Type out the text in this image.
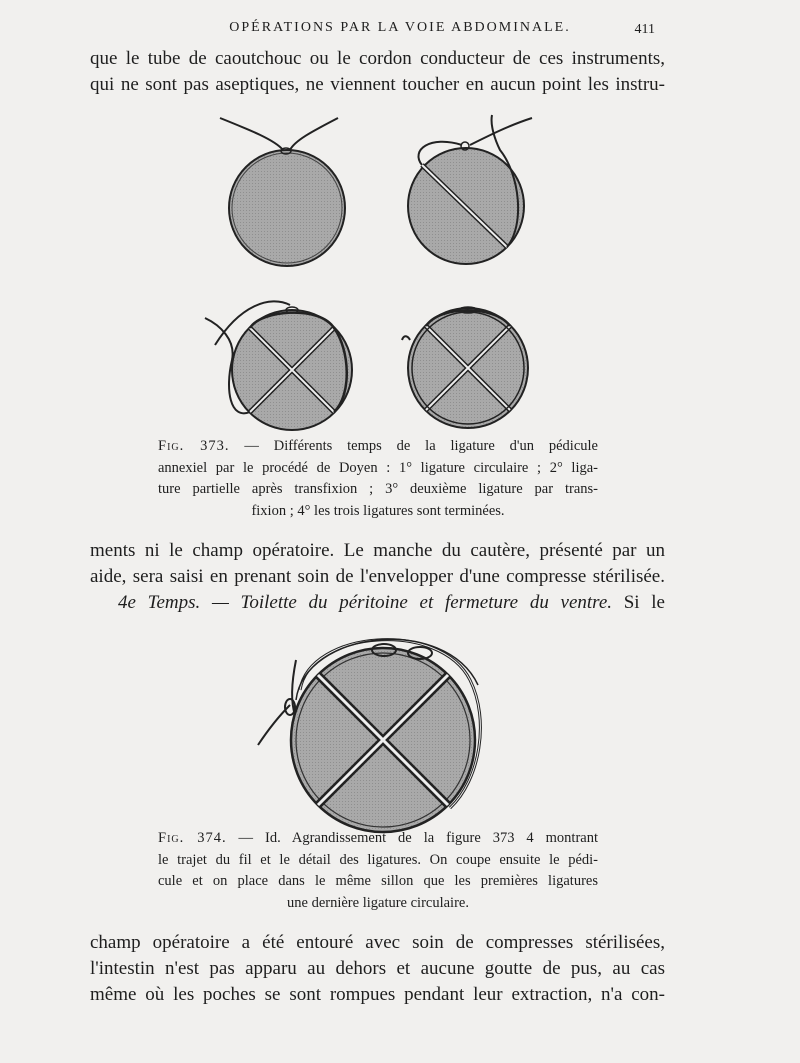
OPÉRATIONS PAR LA VOIE ABDOMINALE.	411
que le tube de caoutchouc ou le cordon conducteur de ces instruments,
qui ne sont pas aseptiques, ne viennent toucher en aucun point les instru-
Fig. 373. — Différents temps de la ligature d'un pédicule
annexiel par le procédé de Doyen : 1° ligature circulaire ; 2° liga-
ture partielle après transfixion ; 3° deuxième ligature par trans-
fixion ; 4° les trois ligatures sont terminées.
ments ni le champ opératoire. Le manche du cautère, présenté par un
aide, sera saisi en prenant soin de l'envelopper d'une compresse stérilisée.
4e Temps. — Toilette du péritoine et fermeture du ventre. Si le
Fig. 374. — Id. Agrandissement de la figure 373 4 montrant
le trajet du fil et le détail des ligatures. On coupe ensuite le pédi-
cule et on place dans le même sillon que les premières ligatures
une dernière ligature circulaire.
champ opératoire a été entouré avec soin de compresses stérilisées,
l'intestin n'est pas apparu au dehors et aucune goutte de pus, au cas
même où les poches se sont rompues pendant leur extraction, n'a con-
